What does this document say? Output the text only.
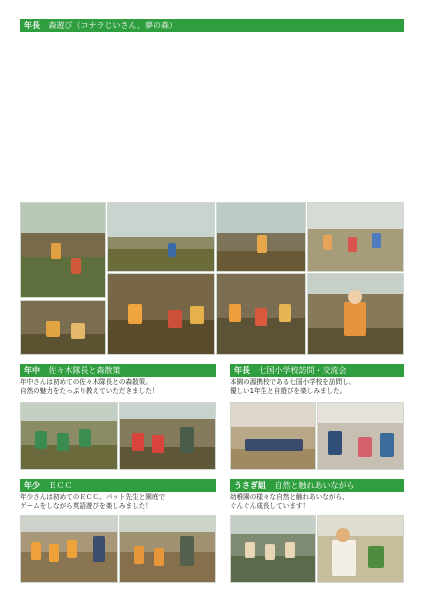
年長 森遊び（コナラじいさん、夢の森）

年中 佐々木隊長と森散策
年中さんは初めての佐々木隊長との森散策。
自然の魅力をたっぷり教えていただきました！
年長 七国小学校訪問・交流会
本園の源携校である七国小学校を訪問し、
優しい1年生と自遊びを楽しみました。
年少 ＥＣＣ
年少さんは初めてのＥＣＣ。パット先生と園庭で
ゲームをしながら英語遊びを楽しみました！
うさぎ組 自然と触れあいながら
幼稚園の様々な自然と触れあいながら、
ぐんぐん成長しています！
